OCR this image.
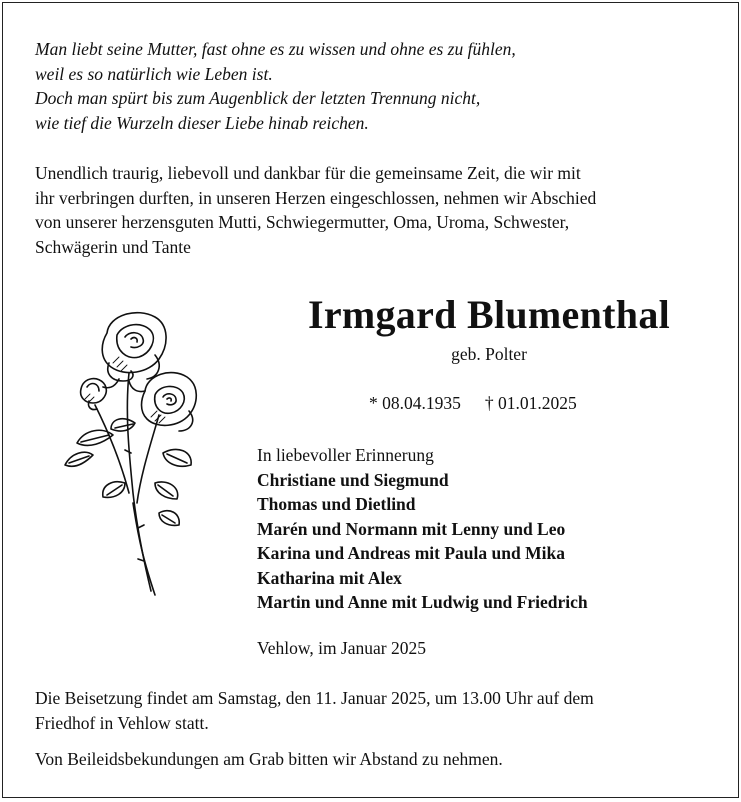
Man liebt seine Mutter, fast ohne es zu wissen und ohne es zu fühlen,
weil es so natürlich wie Leben ist.
Doch man spürt bis zum Augenblick der letzten Trennung nicht,
wie tief die Wurzeln dieser Liebe hinab reichen.
Unendlich traurig, liebevoll und dankbar für die gemeinsame Zeit, die wir mit
ihr verbringen durften, in unseren Herzen eingeschlossen, nehmen wir Abschied
von unserer herzensguten Mutti, Schwiegermutter, Oma, Uroma, Schwester,
Schwägerin und Tante
Irmgard Blumenthal
geb. Polter
* 08.04.1935 † 01.01.2025
In liebevoller Erinnerung
Christiane und Siegmund
Thomas und Dietlind
Marén und Normann mit Lenny und Leo
Karina und Andreas mit Paula und Mika
Katharina mit Alex
Martin und Anne mit Ludwig und Friedrich
Vehlow, im Januar 2025
Die Beisetzung findet am Samstag, den 11. Januar 2025, um 13.00 Uhr auf dem
Friedhof in Vehlow statt.
Von Beileidsbekundungen am Grab bitten wir Abstand zu nehmen.
